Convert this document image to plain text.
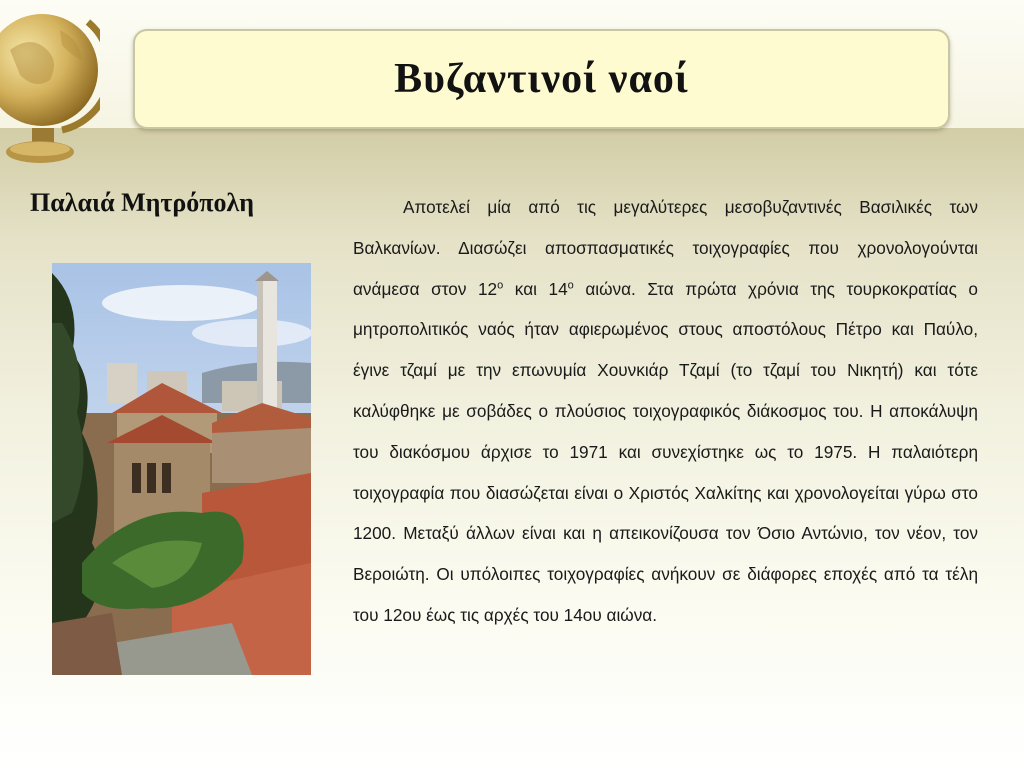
Βυζαντινοί ναοί
Παλαιά Μητρόπολη	Αποτελεί μία από τις μεγαλύτερες μεσοβυζαντινές Βασιλικές των Βαλκανίων. Διασώζει αποσπασματικές τοιχογραφίες που χρονολογούνται ανάμεσα στον $12^o$ και $14^o$ αιώνα. Στα πρώτα χρόνια της τουρκοκρατίας ο μητροπολιτικός ναός ήταν αφιερωμένος στους αποστόλους Πέτρο και Παύλο, έγινε τζαμί με την επωνυμία Χουνκιάρ Τζαμί (το τζαμί του Νικητή) και τότε καλύφθηκε με σοβάδες ο πλούσιος τοιχογραφικός διάκοσμος του. Η αποκάλυψη του διακόσμου άρχισε το 1971 και συνεχίστηκε ως το 1975. Η παλαιότερη τοιχογραφία που διασώζεται είναι ο Χριστός Χαλκίτης και χρονολογείται γύρω στο 1200. Μεταξύ άλλων είναι και η απεικονίζουσα τον Όσιο Αντώνιο, τον νέον, τον Βεροιώτη. Οι υπόλοιπες τοιχογραφίες ανήκουν σε διάφορες εποχές από τα τέλη του 12ου έως τις αρχές του 14ου αιώνα.
